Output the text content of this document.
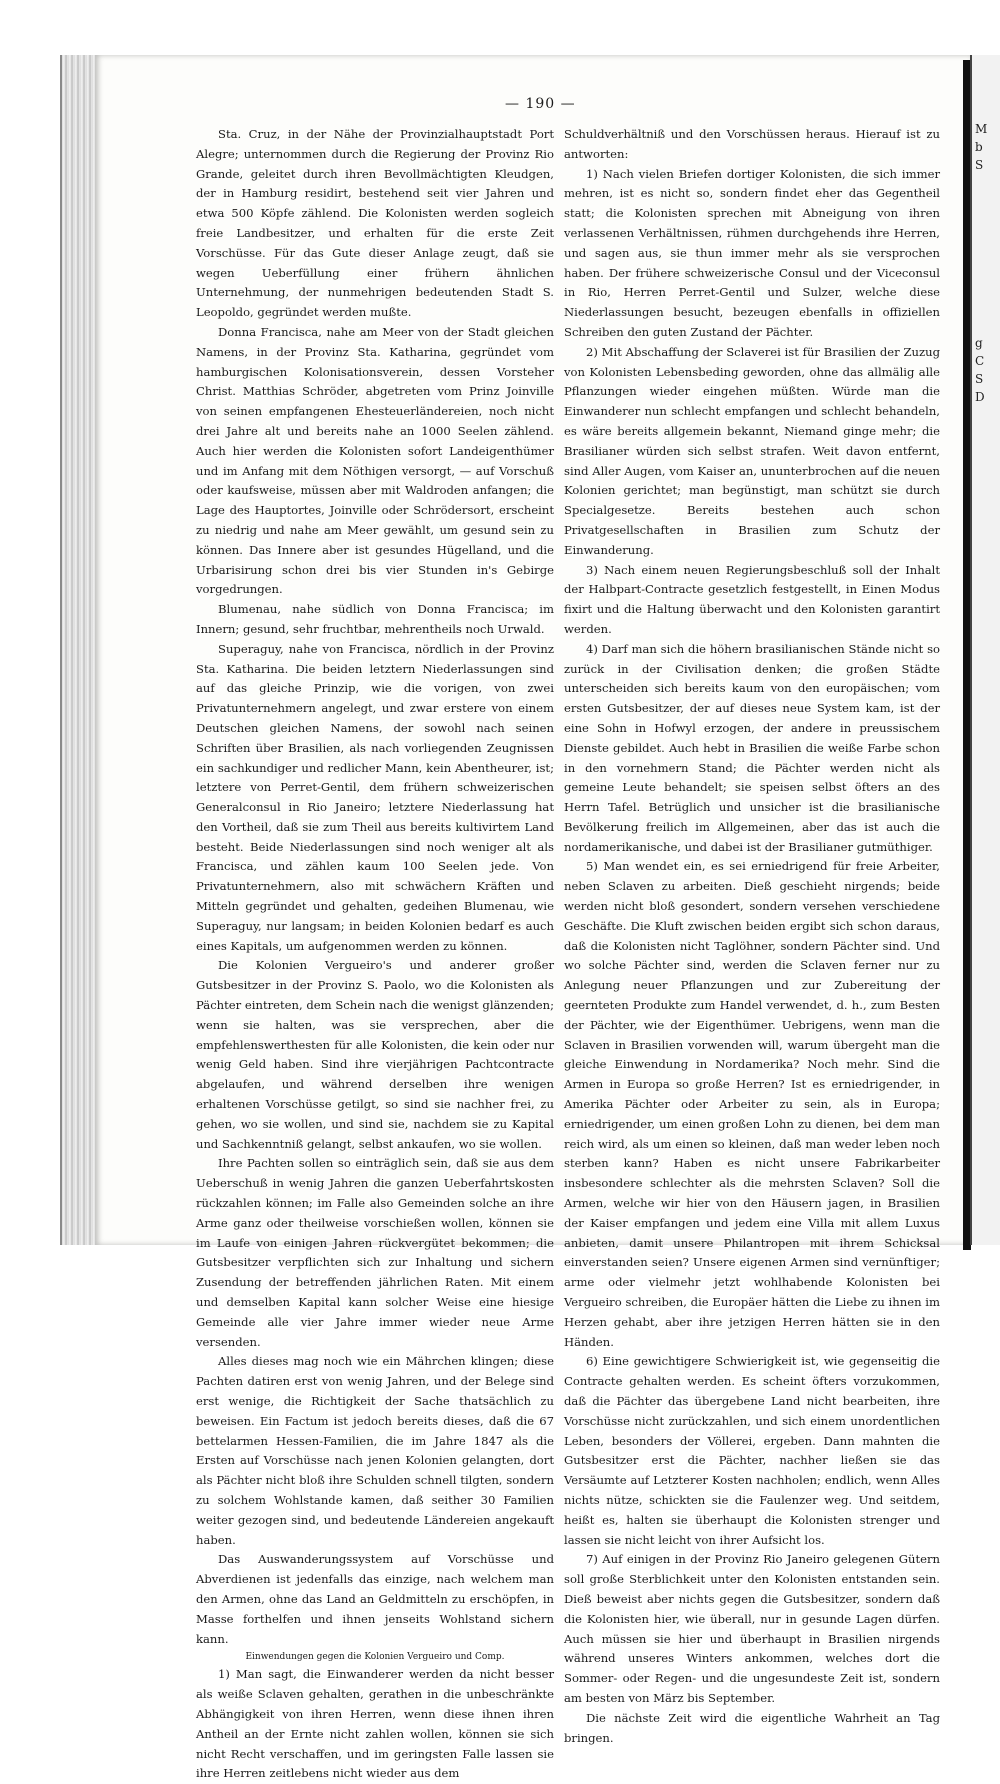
M
b
S
g
C
S
D
— 190 —

Sta. Cruz, in der Nähe der Provinzialhauptstadt Port Alegre; unternommen durch die Regierung der Provinz Rio Grande, geleitet durch ihren Bevollmächtigten Kleudgen, der in Hamburg residirt, bestehend seit vier Jahren und etwa 500 Köpfe zählend. Die Kolonisten werden sogleich freie Landbesitzer, und erhalten für die erste Zeit Vorschüsse. Für das Gute dieser Anlage zeugt, daß sie wegen Ueberfüllung einer frühern ähnlichen Unternehmung, der nunmehrigen bedeutenden Stadt S. Leopoldo, gegründet werden mußte.

Donna Francisca, nahe am Meer von der Stadt gleichen Namens, in der Provinz Sta. Katharina, gegründet vom hamburgischen Kolonisationsverein, dessen Vorsteher Christ. Matthias Schröder, abgetreten vom Prinz Joinville von seinen empfangenen Ehesteuerländereien, noch nicht drei Jahre alt und bereits nahe an 1000 Seelen zählend. Auch hier werden die Kolonisten sofort Landeigenthümer und im Anfang mit dem Nöthigen versorgt, — auf Vorschuß oder kaufsweise, müssen aber mit Waldroden anfangen; die Lage des Hauptortes, Joinville oder Schrödersort, erscheint zu niedrig und nahe am Meer gewählt, um gesund sein zu können. Das Innere aber ist gesundes Hügelland, und die Urbarisirung schon drei bis vier Stunden in's Gebirge vorgedrungen.

Blumenau, nahe südlich von Donna Francisca; im Innern; gesund, sehr fruchtbar, mehrentheils noch Urwald.

Superaguy, nahe von Francisca, nördlich in der Provinz Sta. Katharina. Die beiden letztern Niederlassungen sind auf das gleiche Prinzip, wie die vorigen, von zwei Privatunternehmern angelegt, und zwar erstere von einem Deutschen gleichen Namens, der sowohl nach seinen Schriften über Brasilien, als nach vorliegenden Zeugnissen ein sachkundiger und redlicher Mann, kein Abentheurer, ist; letztere von Perret-Gentil, dem frühern schweizerischen Generalconsul in Rio Janeiro; letztere Niederlassung hat den Vortheil, daß sie zum Theil aus bereits kultivirtem Land besteht. Beide Niederlassungen sind noch weniger alt als Francisca, und zählen kaum 100 Seelen jede. Von Privatunternehmern, also mit schwächern Kräften und Mitteln gegründet und gehalten, gedeihen Blumenau, wie Superaguy, nur langsam; in beiden Kolonien bedarf es auch eines Kapitals, um aufgenommen werden zu können.

Die Kolonien Vergueiro's und anderer großer Gutsbesitzer in der Provinz S. Paolo, wo die Kolonisten als Pächter eintreten, dem Schein nach die wenigst glänzenden; wenn sie halten, was sie versprechen, aber die empfehlenswerthesten für alle Kolonisten, die kein oder nur wenig Geld haben. Sind ihre vierjährigen Pachtcontracte abgelaufen, und während derselben ihre wenigen erhaltenen Vorschüsse getilgt, so sind sie nachher frei, zu gehen, wo sie wollen, und sind sie, nachdem sie zu Kapital und Sachkenntniß gelangt, selbst ankaufen, wo sie wollen.

Ihre Pachten sollen so einträglich sein, daß sie aus dem Ueberschuß in wenig Jahren die ganzen Ueberfahrtskosten rückzahlen können; im Falle also Gemeinden solche an ihre Arme ganz oder theilweise vorschießen wollen, können sie im Laufe von einigen Jahren rückvergütet bekommen; die Gutsbesitzer verpflichten sich zur Inhaltung und sichern Zusendung der betreffenden jährlichen Raten. Mit einem und demselben Kapital kann solcher Weise eine hiesige Gemeinde alle vier Jahre immer wieder neue Arme versenden.

Alles dieses mag noch wie ein Mährchen klingen; diese Pachten datiren erst von wenig Jahren, und der Belege sind erst wenige, die Richtigkeit der Sache thatsächlich zu beweisen. Ein Factum ist jedoch bereits dieses, daß die 67 bettelarmen Hessen-Familien, die im Jahre 1847 als die Ersten auf Vorschüsse nach jenen Kolonien gelangten, dort als Pächter nicht bloß ihre Schulden schnell tilgten, sondern zu solchem Wohlstande kamen, daß seither 30 Familien weiter gezogen sind, und bedeutende Ländereien angekauft haben.

Das Auswanderungssystem auf Vorschüsse und Abverdienen ist jedenfalls das einzige, nach welchem man den Armen, ohne das Land an Geldmitteln zu erschöpfen, in Masse forthelfen und ihnen jenseits Wohlstand sichern kann.

Einwendungen gegen die Kolonien Vergueiro und Comp.

1) Man sagt, die Einwanderer werden da nicht besser als weiße Sclaven gehalten, gerathen in die unbeschränkte Abhängigkeit von ihren Herren, wenn diese ihnen ihren Antheil an der Ernte nicht zahlen wollen, können sie sich nicht Recht verschaffen, und im geringsten Falle lassen sie ihre Herren zeitlebens nicht wieder aus dem

Schuldverhältniß und den Vorschüssen heraus. Hierauf ist zu antworten:

1) Nach vielen Briefen dortiger Kolonisten, die sich immer mehren, ist es nicht so, sondern findet eher das Gegentheil statt; die Kolonisten sprechen mit Abneigung von ihren verlassenen Verhältnissen, rühmen durchgehends ihre Herren, und sagen aus, sie thun immer mehr als sie versprochen haben. Der frühere schweizerische Consul und der Viceconsul in Rio, Herren Perret-Gentil und Sulzer, welche diese Niederlassungen besucht, bezeugen ebenfalls in offiziellen Schreiben den guten Zustand der Pächter.

2) Mit Abschaffung der Sclaverei ist für Brasilien der Zuzug von Kolonisten Lebensbeding geworden, ohne das allmälig alle Pflanzungen wieder eingehen müßten. Würde man die Einwanderer nun schlecht empfangen und schlecht behandeln, es wäre bereits allgemein bekannt, Niemand ginge mehr; die Brasilianer würden sich selbst strafen. Weit davon entfernt, sind Aller Augen, vom Kaiser an, ununterbrochen auf die neuen Kolonien gerichtet; man begünstigt, man schützt sie durch Specialgesetze. Bereits bestehen auch schon Privatgesellschaften in Brasilien zum Schutz der Einwanderung.

3) Nach einem neuen Regierungsbeschluß soll der Inhalt der Halbpart-Contracte gesetzlich festgestellt, in Einen Modus fixirt und die Haltung überwacht und den Kolonisten garantirt werden.

4) Darf man sich die höhern brasilianischen Stände nicht so zurück in der Civilisation denken; die großen Städte unterscheiden sich bereits kaum von den europäischen; vom ersten Gutsbesitzer, der auf dieses neue System kam, ist der eine Sohn in Hofwyl erzogen, der andere in preussischem Dienste gebildet. Auch hebt in Brasilien die weiße Farbe schon in den vornehmern Stand; die Pächter werden nicht als gemeine Leute behandelt; sie speisen selbst öfters an des Herrn Tafel. Betrüglich und unsicher ist die brasilianische Bevölkerung freilich im Allgemeinen, aber das ist auch die nordamerikanische, und dabei ist der Brasilianer gutmüthiger.

5) Man wendet ein, es sei erniedrigend für freie Arbeiter, neben Sclaven zu arbeiten. Dieß geschieht nirgends; beide werden nicht bloß gesondert, sondern versehen verschiedene Geschäfte. Die Kluft zwischen beiden ergibt sich schon daraus, daß die Kolonisten nicht Taglöhner, sondern Pächter sind. Und wo solche Pächter sind, werden die Sclaven ferner nur zu Anlegung neuer Pflanzungen und zur Zubereitung der geernteten Produkte zum Handel verwendet, d. h., zum Besten der Pächter, wie der Eigenthümer. Uebrigens, wenn man die Sclaven in Brasilien vorwenden will, warum übergeht man die gleiche Einwendung in Nordamerika? Noch mehr. Sind die Armen in Europa so große Herren? Ist es erniedrigender, in Amerika Pächter oder Arbeiter zu sein, als in Europa; erniedrigender, um einen großen Lohn zu dienen, bei dem man reich wird, als um einen so kleinen, daß man weder leben noch sterben kann? Haben es nicht unsere Fabrikarbeiter insbesondere schlechter als die mehrsten Sclaven? Soll die Armen, welche wir hier von den Häusern jagen, in Brasilien der Kaiser empfangen und jedem eine Villa mit allem Luxus anbieten, damit unsere Philantropen mit ihrem Schicksal einverstanden seien? Unsere eigenen Armen sind vernünftiger; arme oder vielmehr jetzt wohlhabende Kolonisten bei Vergueiro schreiben, die Europäer hätten die Liebe zu ihnen im Herzen gehabt, aber ihre jetzigen Herren hätten sie in den Händen.

6) Eine gewichtigere Schwierigkeit ist, wie gegenseitig die Contracte gehalten werden. Es scheint öfters vorzukommen, daß die Pächter das übergebene Land nicht bearbeiten, ihre Vorschüsse nicht zurückzahlen, und sich einem unordentlichen Leben, besonders der Völlerei, ergeben. Dann mahnten die Gutsbesitzer erst die Pächter, nachher ließen sie das Versäumte auf Letzterer Kosten nachholen; endlich, wenn Alles nichts nütze, schickten sie die Faulenzer weg. Und seitdem, heißt es, halten sie überhaupt die Kolonisten strenger und lassen sie nicht leicht von ihrer Aufsicht los.

7) Auf einigen in der Provinz Rio Janeiro gelegenen Gütern soll große Sterblichkeit unter den Kolonisten entstanden sein. Dieß beweist aber nichts gegen die Gutsbesitzer, sondern daß die Kolonisten hier, wie überall, nur in gesunde Lagen dürfen. Auch müssen sie hier und überhaupt in Brasilien nirgends während unseres Winters ankommen, welches dort die Sommer- oder Regen- und die ungesundeste Zeit ist, sondern am besten von März bis September.

Die nächste Zeit wird die eigentliche Wahrheit an Tag bringen.
